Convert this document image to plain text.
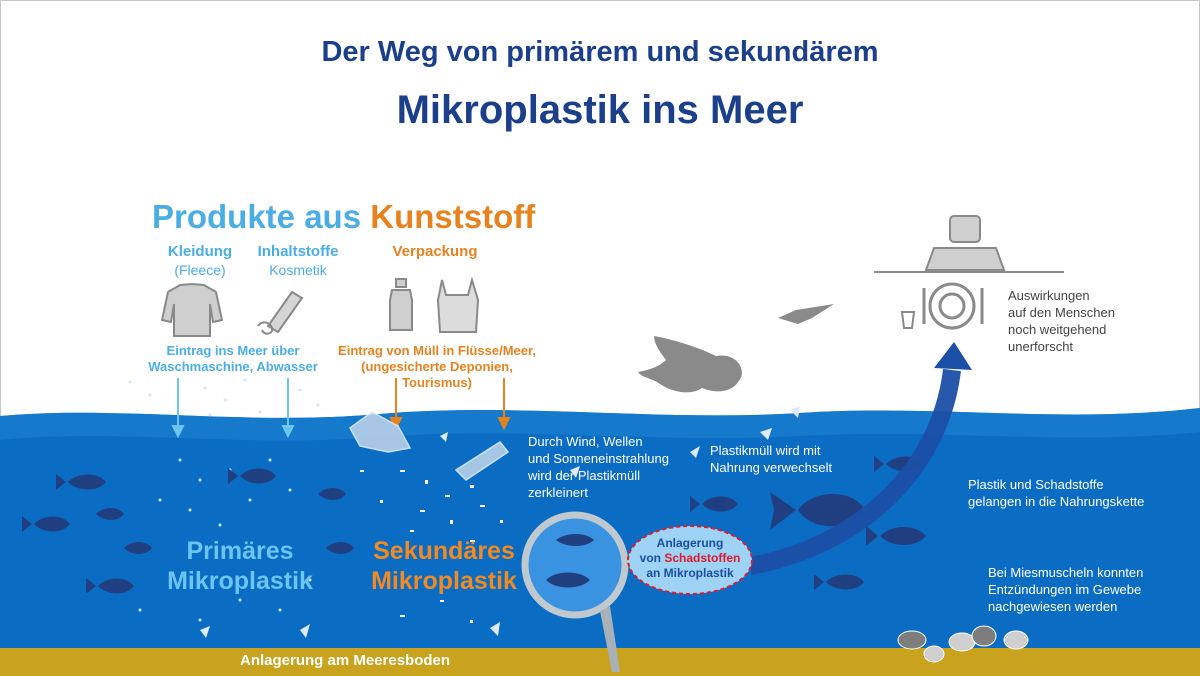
Der Weg von primärem und sekundärem
Mikroplastik ins Meer
Produkte aus Kunststoff
Kleidung
(Fleece)
Inhaltstoffe
Kosmetik
Verpackung
Eintrag ins Meer über
Waschmaschine, Abwasser
Eintrag von Müll in Flüsse/Meer,
(ungesicherte Deponien, Tourismus)
Primäres
Mikroplastik
Sekundäres
Mikroplastik
Durch Wind, Wellen
und Sonneneinstrahlung
wird der Plastikmüll
zerkleinert
Plastikmüll wird mit
Nahrung verwechselt
Plastik und Schadstoffe
gelangen in die Nahrungskette
Bei Miesmuscheln konnten
Entzündungen im Gewebe
nachgewiesen werden
Auswirkungen
auf den Menschen
noch weitgehend
unerforscht
Anlagerung
von Schadstoffen
an Mikroplastik
Anlagerung am Meeresboden
